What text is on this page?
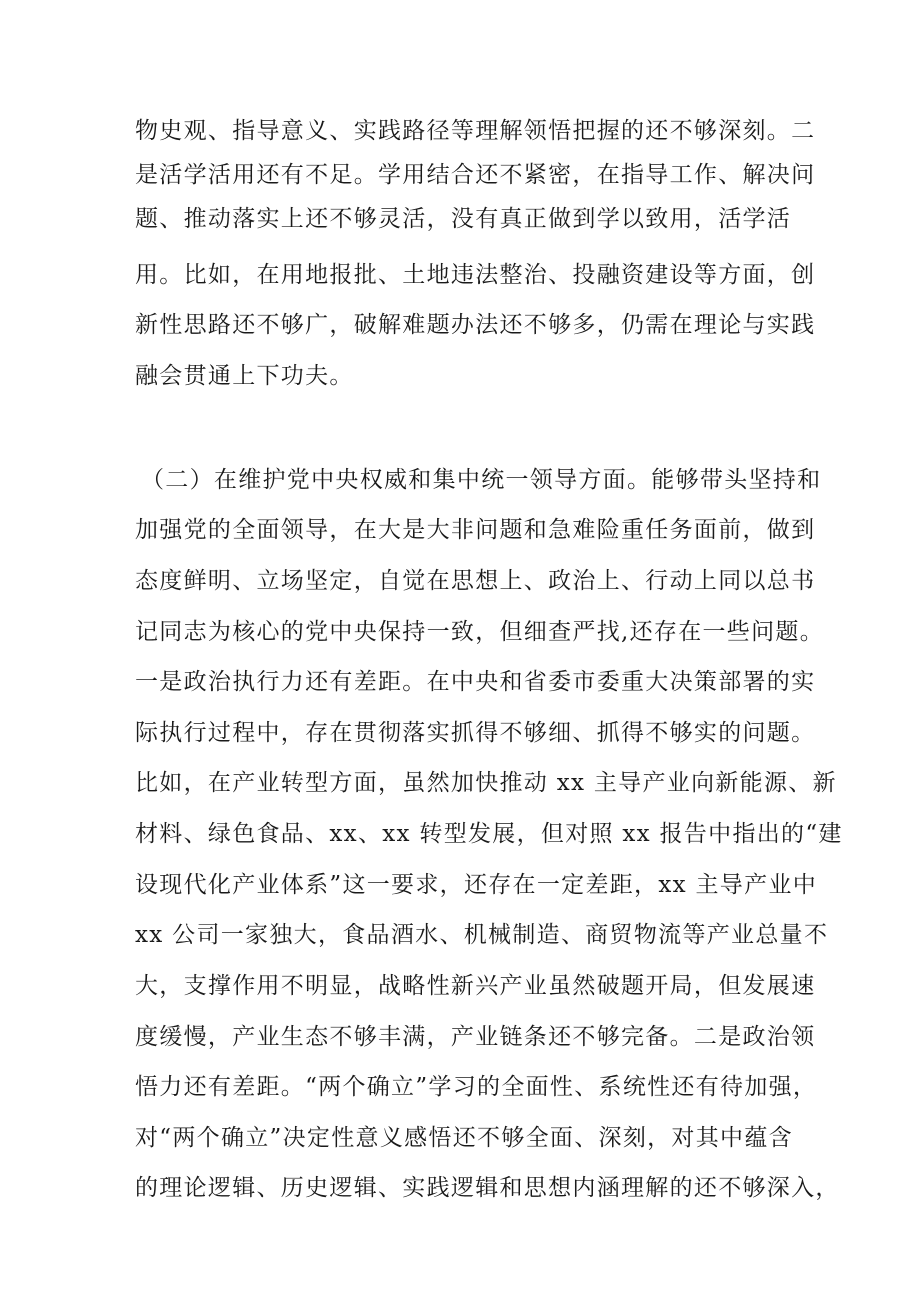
物史观、指导意义、实践路径等理解领悟把握的还不够深刻。二
是活学活用还有不足。学用结合还不紧密，在指导工作、解决问
题、推动落实上还不够灵活，没有真正做到学以致用，活学活
用。比如，在用地报批、土地违法整治、投融资建设等方面，创
新性思路还不够广，破解难题办法还不够多，仍需在理论与实践
融会贯通上下功夫。
（二）在维护党中央权威和集中统一领导方面。能够带头坚持和
加强党的全面领导，在大是大非问题和急难险重任务面前，做到
态度鲜明、立场坚定，自觉在思想上、政治上、行动上同以总书
记同志为核心的党中央保持一致，但细查严找,还存在一些问题。
一是政治执行力还有差距。在中央和省委市委重大决策部署的实
际执行过程中，存在贯彻落实抓得不够细、抓得不够实的问题。
比如，在产业转型方面，虽然加快推动 xx 主导产业向新能源、新
材料、绿色食品、xx、xx 转型发展，但对照 xx 报告中指出的“建
设现代化产业体系”这一要求，还存在一定差距，xx 主导产业中
xx 公司一家独大，食品酒水、机械制造、商贸物流等产业总量不
大，支撑作用不明显，战略性新兴产业虽然破题开局，但发展速
度缓慢，产业生态不够丰满，产业链条还不够完备。二是政治领
悟力还有差距。“两个确立”学习的全面性、系统性还有待加强，
对“两个确立”决定性意义感悟还不够全面、深刻，对其中蕴含
的理论逻辑、历史逻辑、实践逻辑和思想内涵理解的还不够深入，
